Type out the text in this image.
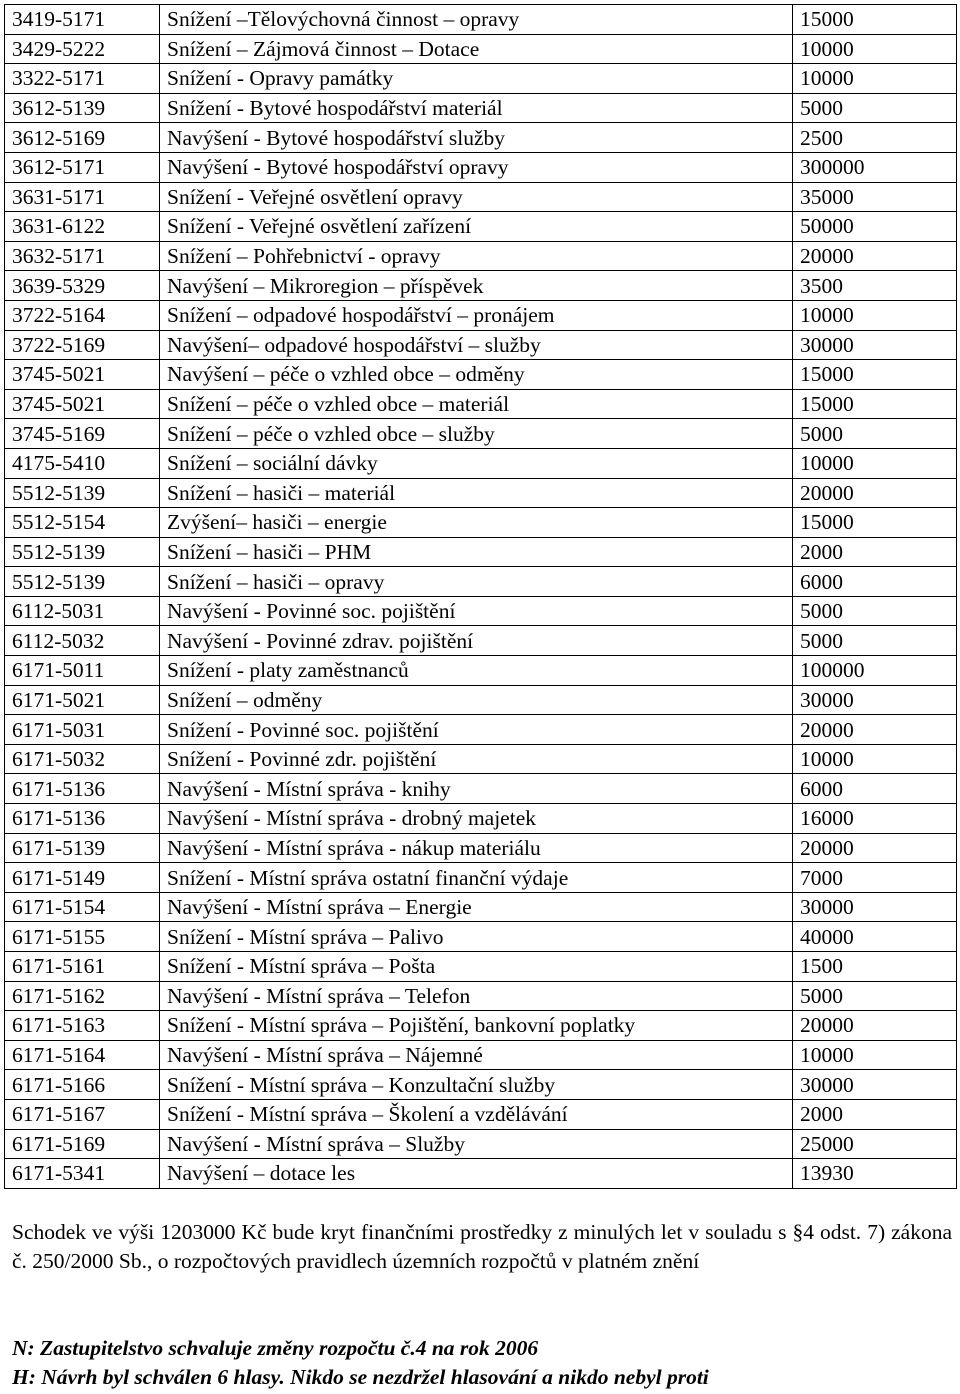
3419-5171	Snížení –Tělovýchovná činnost – opravy	15000
3429-5222	Snížení – Zájmová činnost – Dotace	10000
3322-5171	Snížení - Opravy památky	10000
3612-5139	Snížení - Bytové hospodářství materiál	5000
3612-5169	Navýšení - Bytové hospodářství služby	2500
3612-5171	Navýšení - Bytové hospodářství opravy	300000
3631-5171	Snížení - Veřejné osvětlení opravy	35000
3631-6122	Snížení - Veřejné osvětlení zařízení	50000
3632-5171	Snížení – Pohřebnictví - opravy	20000
3639-5329	Navýšení – Mikroregion – příspěvek	3500
3722-5164	Snížení – odpadové hospodářství – pronájem	10000
3722-5169	Navýšení– odpadové hospodářství – služby	30000
3745-5021	Navýšení – péče o vzhled obce – odměny	15000
3745-5021	Snížení – péče o vzhled obce – materiál	15000
3745-5169	Snížení – péče o vzhled obce – služby	5000
4175-5410	Snížení – sociální dávky	10000
5512-5139	Snížení – hasiči – materiál	20000
5512-5154	Zvýšení– hasiči – energie	15000
5512-5139	Snížení – hasiči – PHM	2000
5512-5139	Snížení – hasiči – opravy	6000
6112-5031	Navýšení - Povinné soc. pojištění	5000
6112-5032	Navýšení - Povinné zdrav. pojištění	5000
6171-5011	Snížení - platy zaměstnanců	100000
6171-5021	Snížení – odměny	30000
6171-5031	Snížení - Povinné soc. pojištění	20000
6171-5032	Snížení - Povinné zdr. pojištění	10000
6171-5136	Navýšení - Místní správa - knihy	6000
6171-5136	Navýšení - Místní správa - drobný majetek	16000
6171-5139	Navýšení - Místní správa - nákup materiálu	20000
6171-5149	Snížení - Místní správa ostatní finanční výdaje	7000
6171-5154	Navýšení - Místní správa – Energie	30000
6171-5155	Snížení - Místní správa – Palivo	40000
6171-5161	Snížení - Místní správa – Pošta	1500
6171-5162	Navýšení - Místní správa – Telefon	5000
6171-5163	Snížení - Místní správa – Pojištění, bankovní poplatky	20000
6171-5164	Navýšení - Místní správa – Nájemné	10000
6171-5166	Snížení - Místní správa – Konzultační služby	30000
6171-5167	Snížení - Místní správa – Školení a vzdělávání	2000
6171-5169	Navýšení - Místní správa – Služby	25000
6171-5341	Navýšení – dotace les	13930
Schodek ve výši 1203000 Kč bude kryt finančními prostředky z minulých let v souladu s §4 odst. 7) zákona č. 250/2000 Sb., o rozpočtových pravidlech územních rozpočtů v platném znění
N: Zastupitelstvo schvaluje změny rozpočtu č.4 na rok 2006
H: Návrh byl schválen 6 hlasy. Nikdo se nezdržel hlasování a nikdo nebyl proti
